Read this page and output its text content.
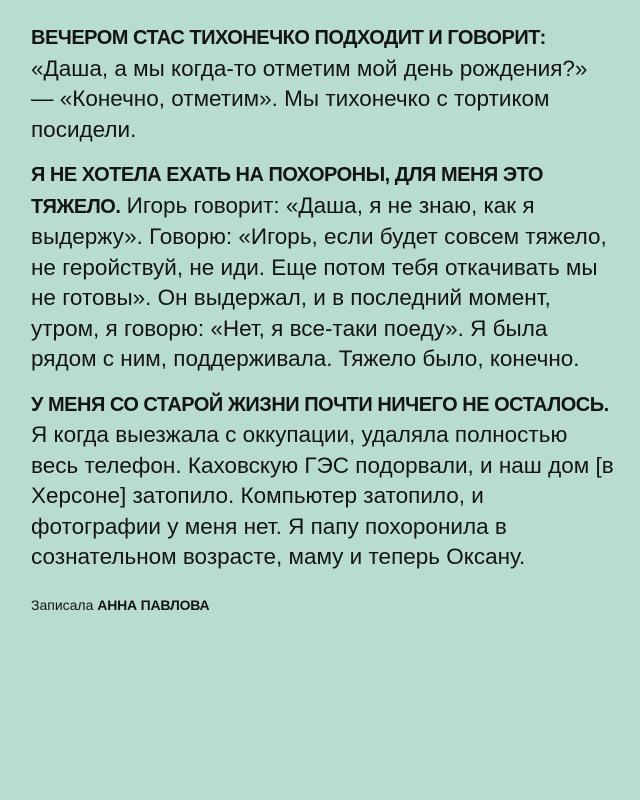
ВЕЧЕРОМ СТАС ТИХОНЕЧКО ПОДХОДИТ И ГОВОРИТ: «Даша, а мы когда-то отметим мой день рождения?» — «Конечно, отметим». Мы тихонечко с тортиком посидели.

Я НЕ ХОТЕЛА ЕХАТЬ НА ПОХОРОНЫ, ДЛЯ МЕНЯ ЭТО ТЯЖЕЛО. Игорь говорит: «Даша, я не знаю, как я выдержу». Говорю: «Игорь, если будет совсем тяжело, не геройствуй, не иди. Еще потом тебя откачивать мы не готовы». Он выдержал, и в последний момент, утром, я говорю: «Нет, я все-таки поеду». Я была рядом с ним, поддерживала. Тяжело было, конечно.

У МЕНЯ СО СТАРОЙ ЖИЗНИ ПОЧТИ НИЧЕГО НЕ ОСТАЛОСЬ. Я когда выезжала с оккупации, удаляла полностью весь телефон. Каховскую ГЭС подорвали, и наш дом [в Херсоне] затопило. Компьютер затопило, и фотографии у меня нет. Я папу похоронила в сознательном возрасте, маму и теперь Оксану.

Записала АННА ПАВЛОВА
